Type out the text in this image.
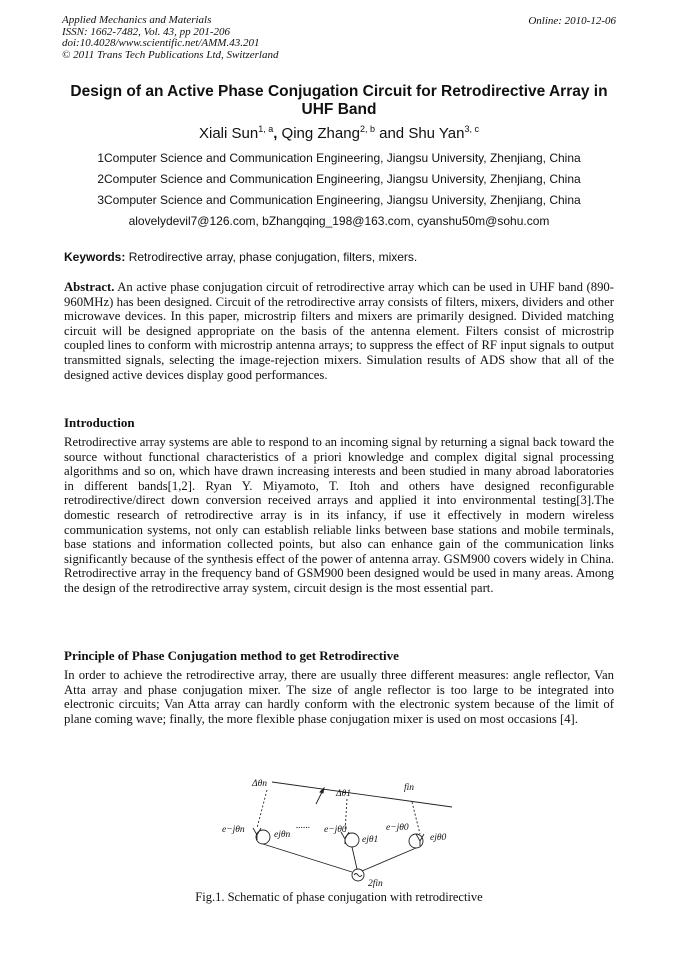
Applied Mechanics and Materials
ISSN: 1662-7482, Vol. 43, pp 201-206
doi:10.4028/www.scientific.net/AMM.43.201
© 2011 Trans Tech Publications Ltd, Switzerland
Online: 2010-12-06
Design of an Active Phase Conjugation Circuit for Retrodirective Array in UHF Band
Xiali Sun$^{1, a}$, Qing Zhang$^{2, b}$ and Shu Yan$^{3, c}$
1Computer Science and Communication Engineering, Jiangsu University, Zhenjiang, China
2Computer Science and Communication Engineering, Jiangsu University, Zhenjiang, China
3Computer Science and Communication Engineering, Jiangsu University, Zhenjiang, China
alovelydevil7@126.com, bZhangqing_198@163.com, cyanshu50m@sohu.com
Keywords: Retrodirective array, phase conjugation, filters, mixers.
Abstract. An active phase conjugation circuit of retrodirective array which can be used in UHF band (890-960MHz) has been designed. Circuit of the retrodirective array consists of filters, mixers, dividers and other microwave devices. In this paper, microstrip filters and mixers are primarily designed. Divided matching circuit will be designed appropriate on the basis of the antenna element. Filters consist of microstrip coupled lines to conform with microstrip antenna arrays; to suppress the effect of RF input signals to output transmitted signals, selecting the image-rejection mixers. Simulation results of ADS show that all of the designed active devices display good performances.
Introduction
Retrodirective array systems are able to respond to an incoming signal by returning a signal back toward the source without functional characteristics of a priori knowledge and complex digital signal processing algorithms and so on, which have drawn increasing interests and been studied in many abroad laboratories in different bands[1,2]. Ryan Y. Miyamoto, T. Itoh and others have designed reconfigurable retrodirective/direct down conversion received arrays and applied it into environmental testing[3].The domestic research of retrodirective array is in its infancy, if use it effectively in modern wireless communication systems, not only can establish reliable links between base stations and mobile terminals, base stations and information collected points, but also can enhance gain of the communication links significantly because of the synthesis effect of the power of antenna array. GSM900 covers widely in China. Retrodirective array in the frequency band of GSM900 been designed would be used in many areas. Among the design of the retrodirective array system, circuit design is the most essential part.
Principle of Phase Conjugation method to get Retrodirective
In order to achieve the retrodirective array, there are usually three different measures: angle reflector, Van Atta array and phase conjugation mixer. The size of angle reflector is too large to be integrated into electronic circuits; Van Atta array can hardly conform with the electronic system because of the limit of plane coming wave; finally, the more flexible phase conjugation mixer is used on most occasions [4].
Δθn
Δθ1
fin
e−jθn	ejθn
...... e−jθ0
ejθ1
e−jθ0
ejθ0
2fin
Fig.1. Schematic of phase conjugation with retrodirective
